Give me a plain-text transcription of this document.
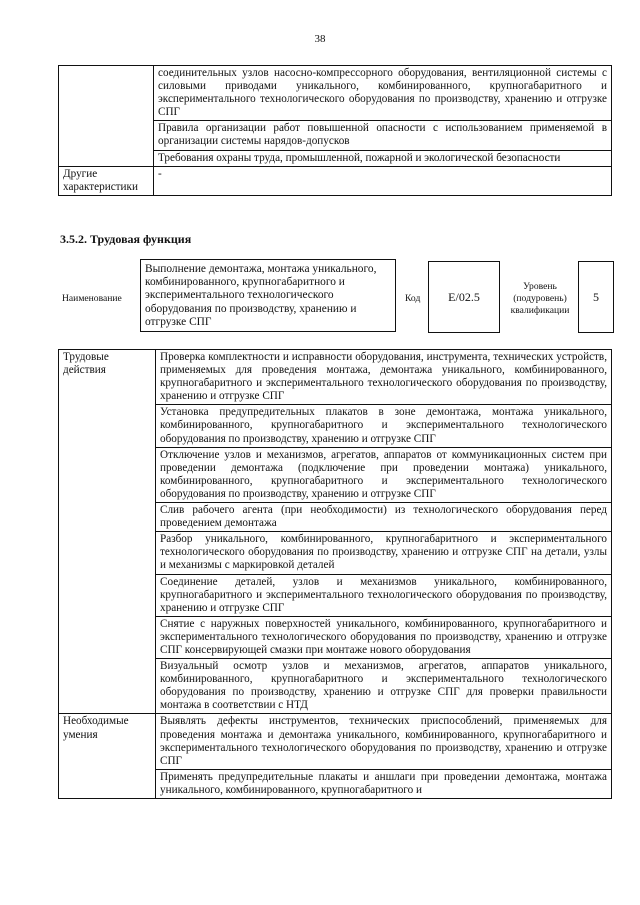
38
	соединительных узлов насосно-компрессорного оборудования, вентиляционной системы с силовыми приводами уникального, комбинированного, крупногабаритного и экспериментального технологического оборудования по производству, хранению и отгрузке СПГ
	Правила организации работ повышенной опасности с использованием применяемой в организации системы нарядов-допусков
	Требования охраны труда, промышленной, пожарной и экологической безопасности
Другие характеристики	-
3.5.2. Трудовая функция
Наименование
Выполнение демонтажа, монтажа уникального, комбинированного, крупногабаритного и экспериментального технологического оборудования по производству, хранению и отгрузке СПГ
Код	E/02.5
Уровень (подуровень) квалификации
5
Трудовые действия	Проверка комплектности и исправности оборудования, инструмента, технических устройств, применяемых для проведения монтажа, демонтажа уникального, комбинированного, крупногабаритного и экспериментального технологического оборудования по производству, хранению и отгрузке СПГ
	Установка предупредительных плакатов в зоне демонтажа, монтажа уникального, комбинированного, крупногабаритного и экспериментального технологического оборудования по производству, хранению и отгрузке СПГ
	Отключение узлов и механизмов, агрегатов, аппаратов от коммуникационных систем при проведении демонтажа (подключение при проведении монтажа) уникального, комбинированного, крупногабаритного и экспериментального технологического оборудования по производству, хранению и отгрузке СПГ
	Слив рабочего агента (при необходимости) из технологического оборудования перед проведением демонтажа
	Разбор уникального, комбинированного, крупногабаритного и экспериментального технологического оборудования по производству, хранению и отгрузке СПГ на детали, узлы и механизмы с маркировкой деталей
	Соединение деталей, узлов и механизмов уникального, комбинированного, крупногабаритного и экспериментального технологического оборудования по производству, хранению и отгрузке СПГ
	Снятие с наружных поверхностей уникального, комбинированного, крупногабаритного и экспериментального технологического оборудования по производству, хранению и отгрузке СПГ консервирующей смазки при монтаже нового оборудования
	Визуальный осмотр узлов и механизмов, агрегатов, аппаратов уникального, комбинированного, крупногабаритного и экспериментального технологического оборудования по производству, хранению и отгрузке СПГ для проверки правильности монтажа в соответствии с НТД
Необходимые умения	Выявлять дефекты инструментов, технических приспособлений, применяемых для проведения монтажа и демонтажа уникального, комбинированного, крупногабаритного и экспериментального технологического оборудования по производству, хранению и отгрузке СПГ
	Применять предупредительные плакаты и аншлаги при проведении демонтажа, монтажа уникального, комбинированного, крупногабаритного и
